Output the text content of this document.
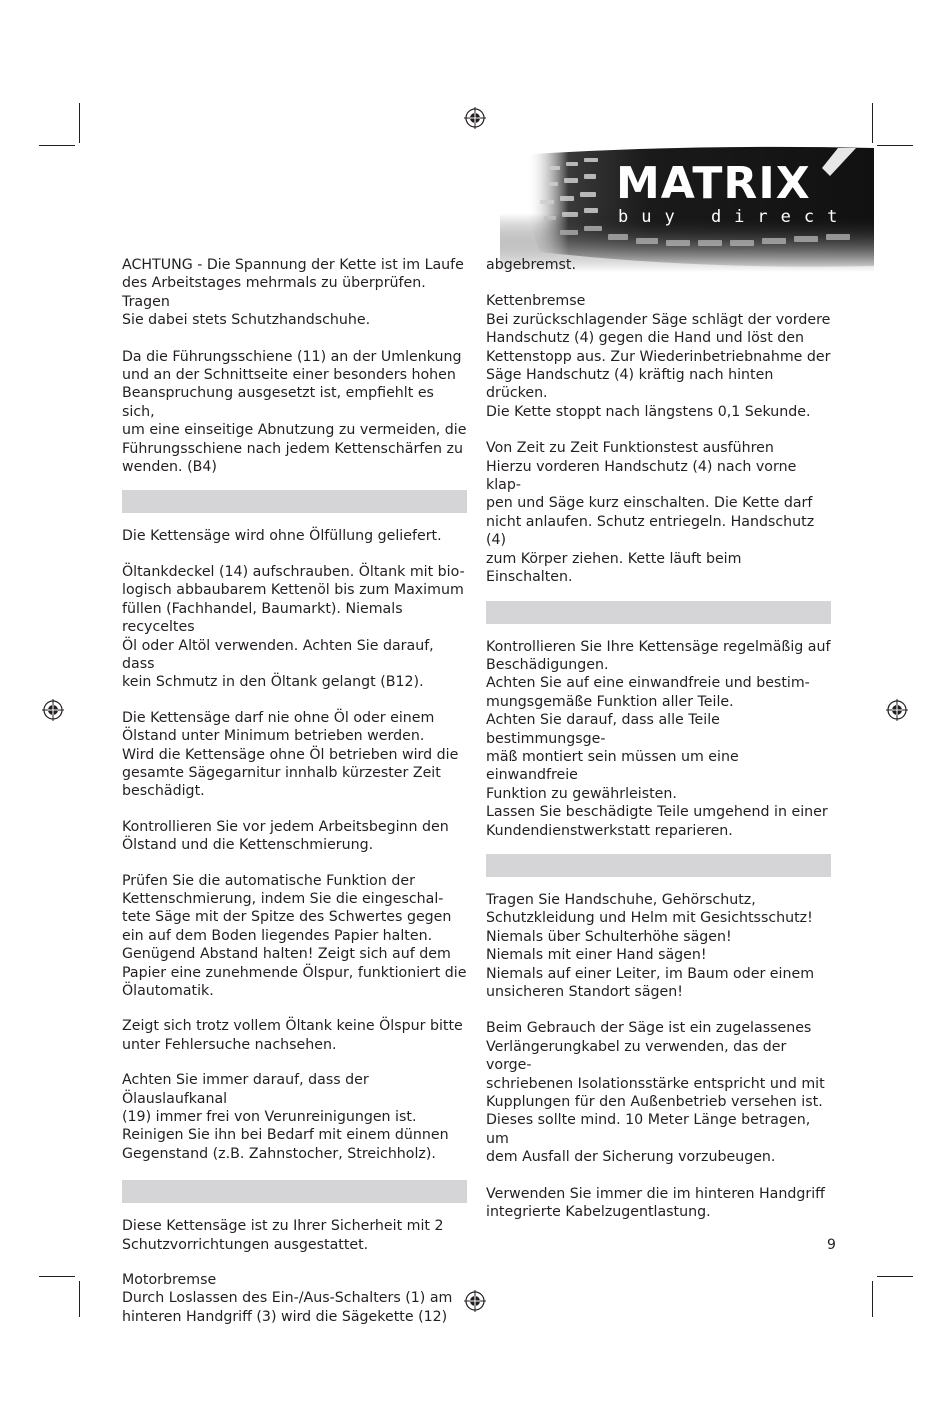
MATRIX
buy direct

ACHTUNG - Die Spannung der Kette ist im Laufe
des Arbeitstages mehrmals zu überprüfen. Tragen
Sie dabei stets Schutzhandschuhe.

Da die Führungsschiene (11) an der Umlenkung
und an der Schnittseite einer besonders hohen
Beanspruchung ausgesetzt ist, empfiehlt es sich,
um eine einseitige Abnutzung zu vermeiden, die
Führungsschiene nach jedem Kettenschärfen zu
wenden. (B4)

Die Kettensäge wird ohne Ölfüllung geliefert.

Öltankdeckel (14) aufschrauben. Öltank mit bio-
logisch abbaubarem Kettenöl bis zum Maximum
füllen (Fachhandel, Baumarkt). Niemals recyceltes
Öl oder Altöl verwenden. Achten Sie darauf, dass
kein Schmutz in den Öltank gelangt (B12).

Die Kettensäge darf nie ohne Öl oder einem
Ölstand unter Minimum betrieben werden.
Wird die Kettensäge ohne Öl betrieben wird die
gesamte Sägegarnitur innhalb kürzester Zeit
beschädigt.

Kontrollieren Sie vor jedem Arbeitsbeginn den
Ölstand und die Kettenschmierung.

Prüfen Sie die automatische Funktion der
Kettenschmierung, indem Sie die eingeschal-
tete Säge mit der Spitze des Schwertes gegen
ein auf dem Boden liegendes Papier halten.
Genügend Abstand halten! Zeigt sich auf dem
Papier eine zunehmende Ölspur, funktioniert die
Ölautomatik.

Zeigt sich trotz vollem Öltank keine Ölspur bitte
unter Fehlersuche nachsehen.

Achten Sie immer darauf, dass der Ölauslaufkanal
(19) immer frei von Verunreinigungen ist.
Reinigen Sie ihn bei Bedarf mit einem dünnen
Gegenstand (z.B. Zahnstocher, Streichholz).

Diese Kettensäge ist zu Ihrer Sicherheit mit 2
Schutzvorrichtungen ausgestattet.

Motorbremse
Durch Loslassen des Ein-/Aus-Schalters (1) am
hinteren Handgriff (3) wird die Sägekette (12)

abgebremst.

Kettenbremse
Bei zurückschlagender Säge schlägt der vordere
Handschutz (4) gegen die Hand und löst den
Kettenstopp aus. Zur Wiederinbetriebnahme der
Säge Handschutz (4) kräftig nach hinten drücken.
Die Kette stoppt nach längstens 0,1 Sekunde.

Von Zeit zu Zeit Funktionstest ausführen
Hierzu vorderen Handschutz (4) nach vorne klap-
pen und Säge kurz einschalten. Die Kette darf
nicht anlaufen. Schutz entriegeln. Handschutz (4)
zum Körper ziehen. Kette läuft beim Einschalten.

Kontrollieren Sie Ihre Kettensäge regelmäßig auf
Beschädigungen.
Achten Sie auf eine einwandfreie und bestim-
mungsgemäße Funktion aller Teile.
Achten Sie darauf, dass alle Teile bestimmungsge-
mäß montiert sein müssen um eine einwandfreie
Funktion zu gewährleisten.
Lassen Sie beschädigte Teile umgehend in einer
Kundendienstwerkstatt reparieren.

Tragen Sie Handschuhe, Gehörschutz,
Schutzkleidung und Helm mit Gesichtsschutz!
Niemals über Schulterhöhe sägen!
Niemals mit einer Hand sägen!
Niemals auf einer Leiter, im Baum oder einem
unsicheren Standort sägen!

Beim Gebrauch der Säge ist ein zugelassenes
Verlängerungkabel zu verwenden, das der vorge-
schriebenen Isolationsstärke entspricht und mit
Kupplungen für den Außenbetrieb versehen ist.
Dieses sollte mind. 10 Meter Länge betragen, um
dem Ausfall der Sicherung vorzubeugen.

Verwenden Sie immer die im hinteren Handgriff
integrierte Kabelzugentlastung.

9
